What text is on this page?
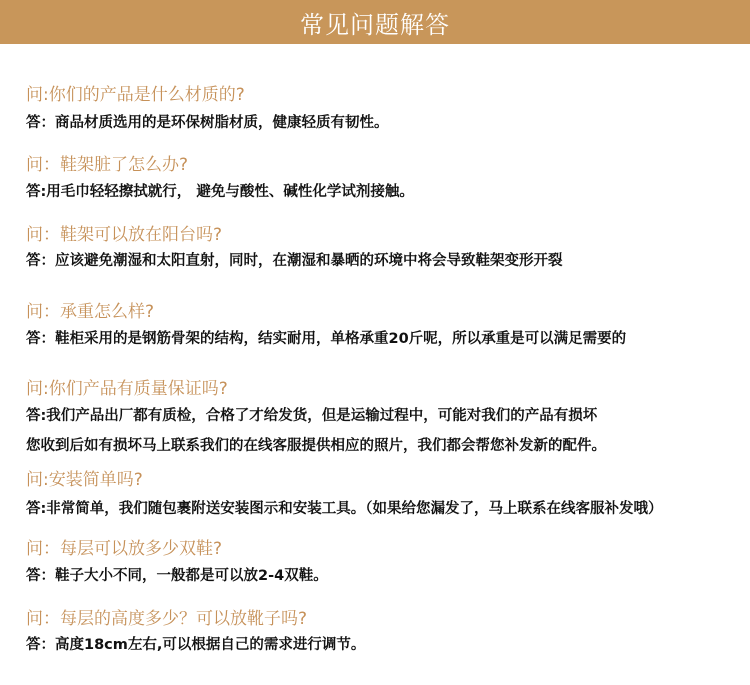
常见问题解答
问:你们的产品是什么材质的?
答：商品材质选用的是环保树脂材质，健康轻质有韧性。
问：鞋架脏了怎么办?
答:用毛巾轻轻擦拭就行， 避免与酸性、碱性化学试剂接触。
问：鞋架可以放在阳台吗?
答：应该避免潮湿和太阳直射，同时，在潮湿和暴晒的环境中将会导致鞋架变形开裂
问：承重怎么样?
答：鞋柜采用的是钢筋骨架的结构，结实耐用，单格承重20斤呢，所以承重是可以满足需要的
问:你们产品有质量保证吗?
答:我们产品出厂都有质检，合格了才给发货，但是运输过程中，可能对我们的产品有损坏
您收到后如有损坏马上联系我们的在线客服提供相应的照片，我们都会帮您补发新的配件。
问:安装简单吗?
答:非常简单，我们随包裹附送安装图示和安装工具。（如果给您漏发了，马上联系在线客服补发哦）
问：每层可以放多少双鞋?
答：鞋子大小不同，一般都是可以放2-4双鞋。
问：每层的高度多少？可以放靴子吗?
答：高度18cm左右,可以根据自己的需求进行调节。
